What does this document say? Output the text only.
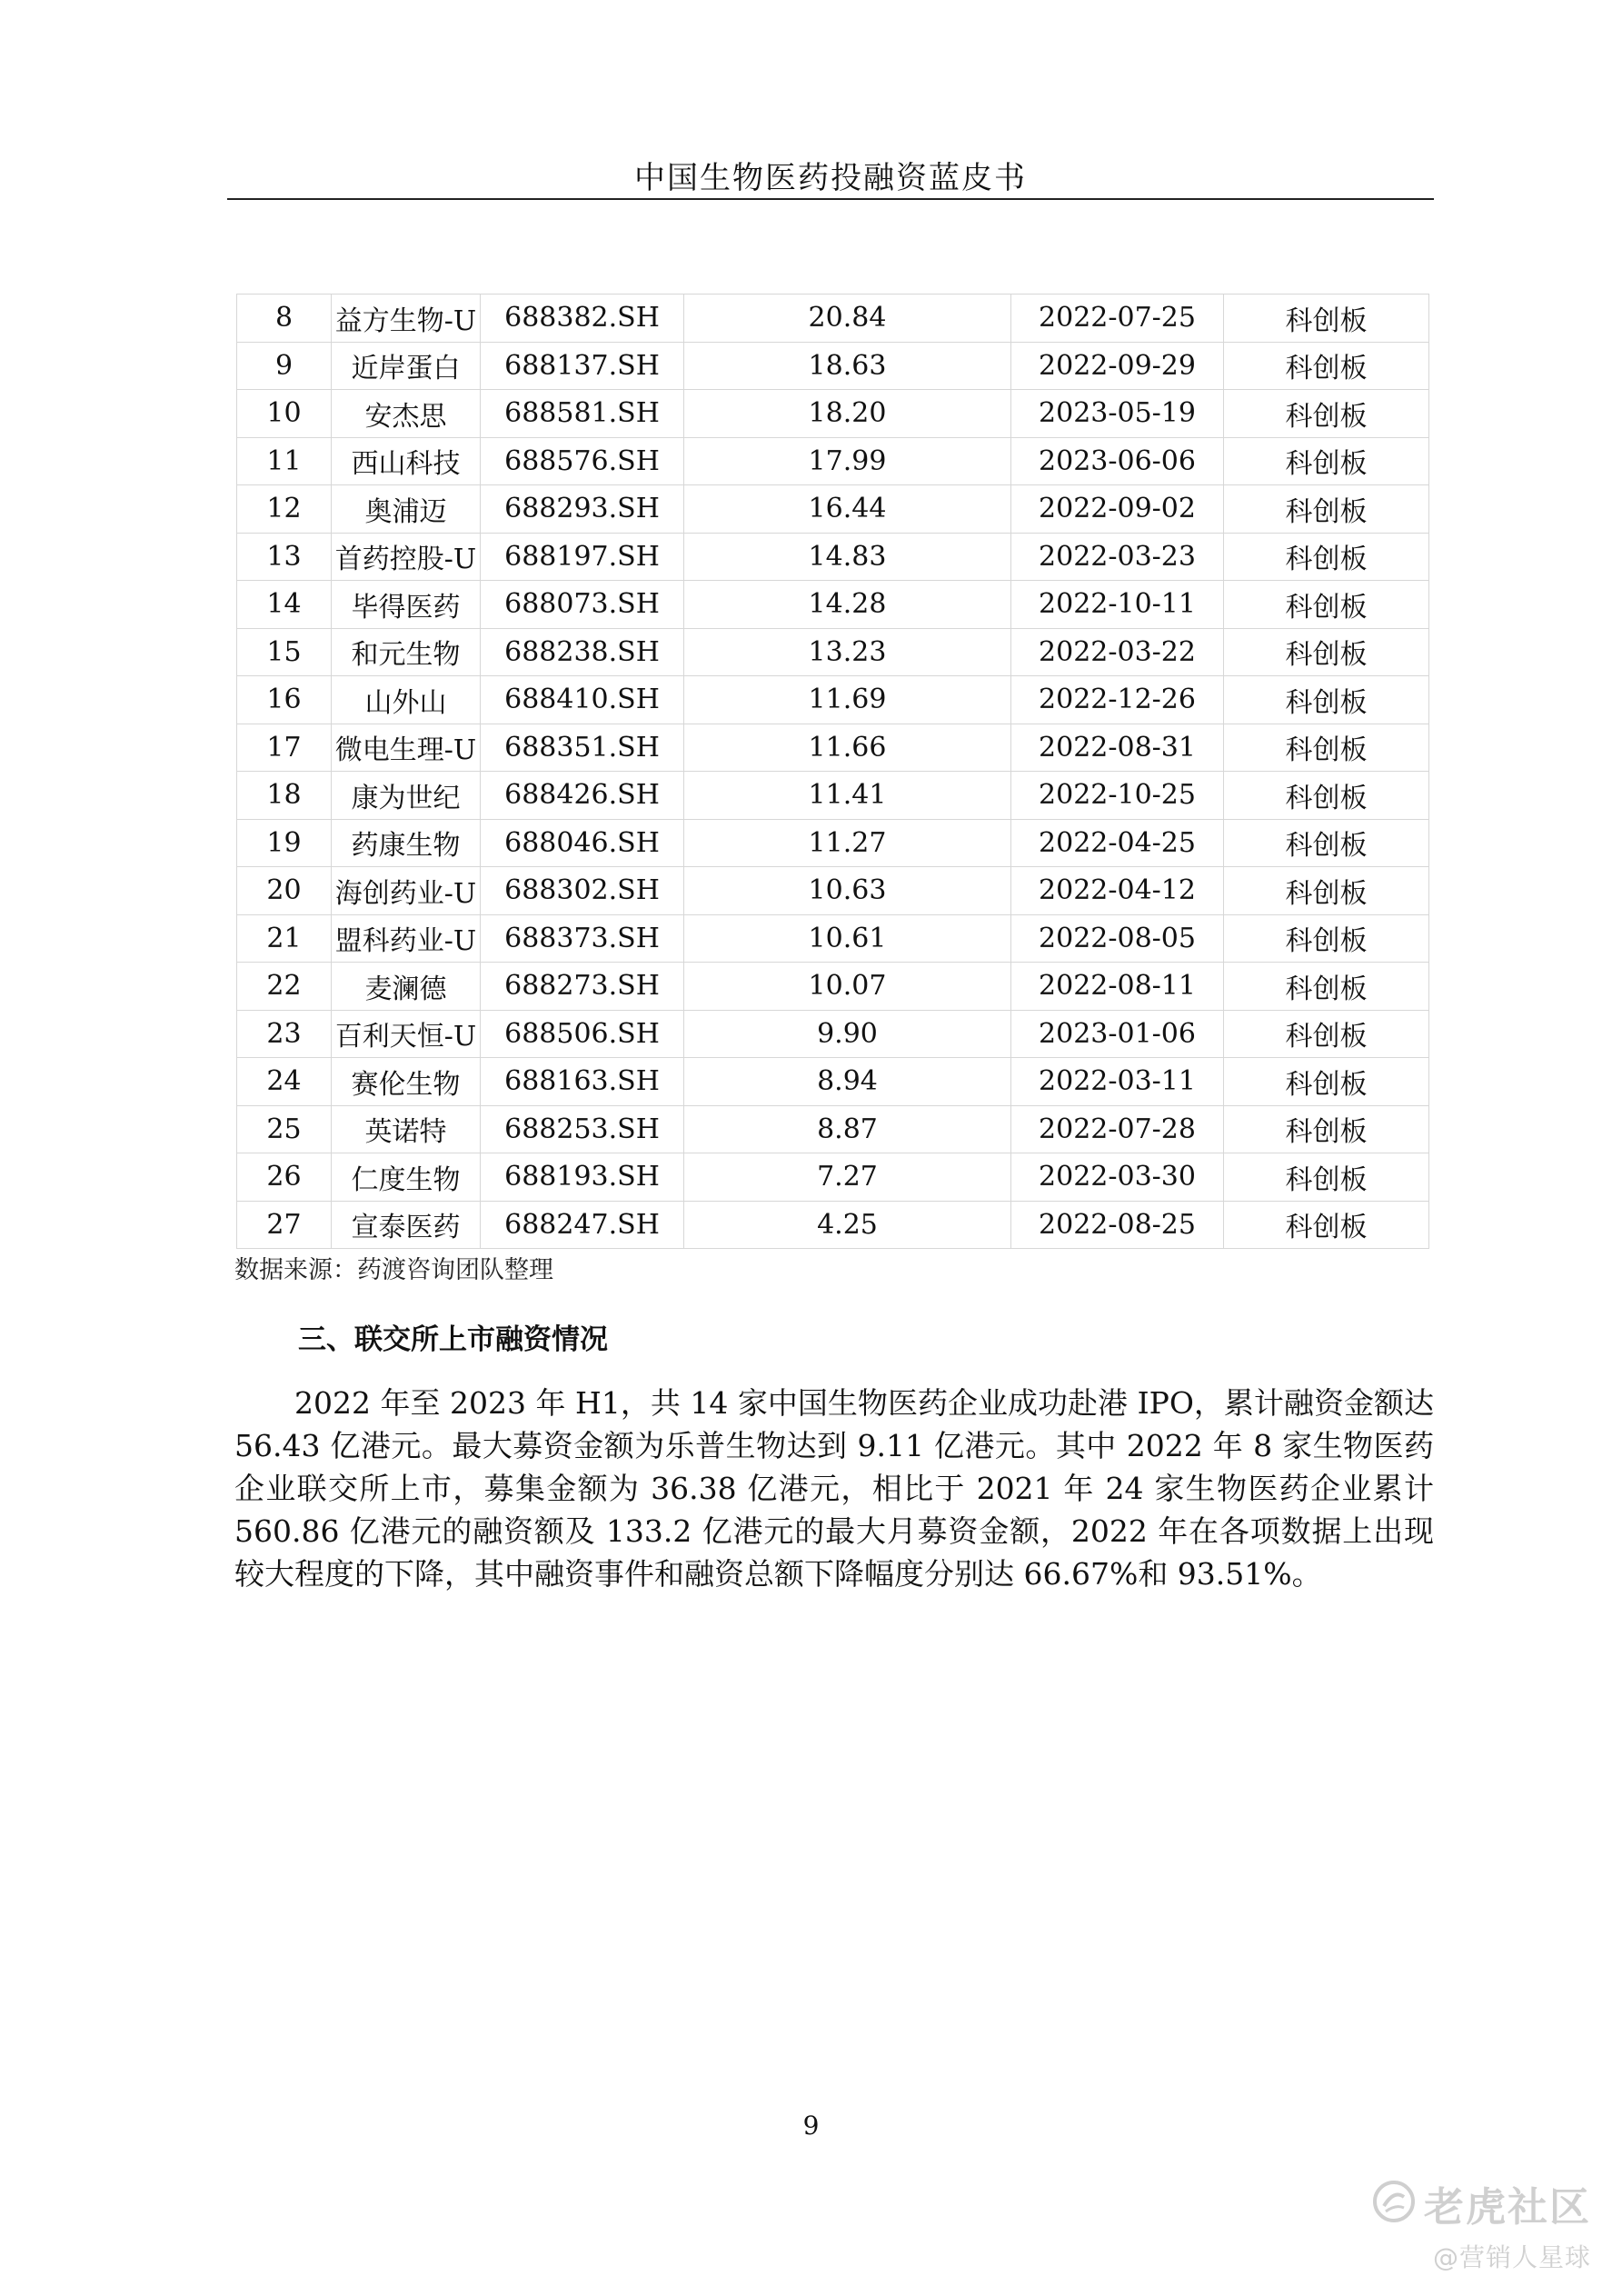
中国生物医药投融资蓝皮书
8	益方生物-U	688382.SH	20.84	2022-07-25	科创板
9	近岸蛋白	688137.SH	18.63	2022-09-29	科创板
10	安杰思	688581.SH	18.20	2023-05-19	科创板
11	西山科技	688576.SH	17.99	2023-06-06	科创板
12	奥浦迈	688293.SH	16.44	2022-09-02	科创板
13	首药控股-U	688197.SH	14.83	2022-03-23	科创板
14	毕得医药	688073.SH	14.28	2022-10-11	科创板
15	和元生物	688238.SH	13.23	2022-03-22	科创板
16	山外山	688410.SH	11.69	2022-12-26	科创板
17	微电生理-U	688351.SH	11.66	2022-08-31	科创板
18	康为世纪	688426.SH	11.41	2022-10-25	科创板
19	药康生物	688046.SH	11.27	2022-04-25	科创板
20	海创药业-U	688302.SH	10.63	2022-04-12	科创板
21	盟科药业-U	688373.SH	10.61	2022-08-05	科创板
22	麦澜德	688273.SH	10.07	2022-08-11	科创板
23	百利天恒-U	688506.SH	9.90	2023-01-06	科创板
24	赛伦生物	688163.SH	8.94	2022-03-11	科创板
25	英诺特	688253.SH	8.87	2022-07-28	科创板
26	仁度生物	688193.SH	7.27	2022-03-30	科创板
27	宣泰医药	688247.SH	4.25	2022-08-25	科创板
数据来源：药渡咨询团队整理
三、联交所上市融资情况

2022 年至 2023 年 H1，共 14 家中国生物医药企业成功赴港 IPO，累计融资金额达 56.43 亿港元。最大募资金额为乐普生物达到 9.11 亿港元。其中 2022 年 8 家生物医药企业联交所上市，募集金额为 36.38 亿港元，相比于 2021 年 24 家生物医药企业累计 560.86 亿港元的融资额及 133.2 亿港元的最大月募资金额，2022 年在各项数据上出现较大程度的下降，其中融资事件和融资总额下降幅度分别达 66.67%和 93.51%。

9
老虎社区
@营销人星球
